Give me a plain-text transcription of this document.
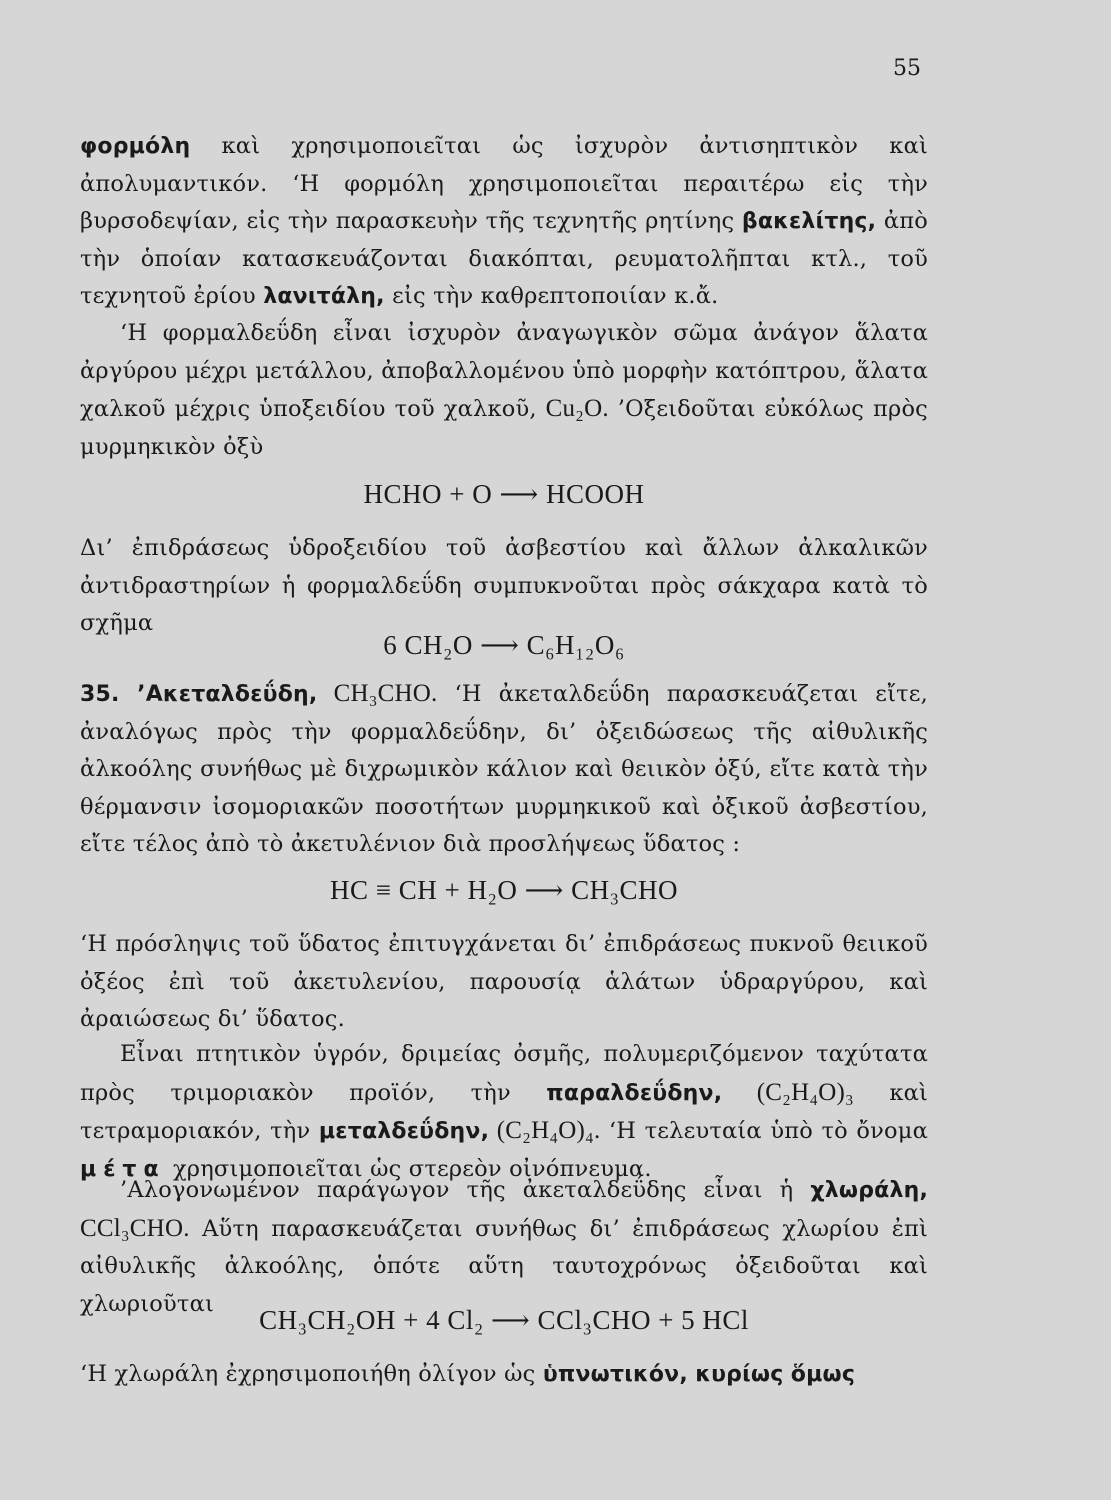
55
φορμόλη καὶ χρησιμοποιεῖται ὡς ἰσχυρὸν ἀντισηπτικὸν καὶ ἀπολυμαντικόν. ‘Η φορμόλη χρησιμοποιεῖται περαιτέρω εἰς τὴν βυρσοδεψίαν, εἰς τὴν παρασκευὴν τῆς τεχνητῆς ρητίνης βακελίτης, ἀπὸ τὴν ὁποίαν κατασκευάζονται διακόπται, ρευματολῆπται κτλ., τοῦ τεχνητοῦ ἐρίου λανιτάλη, εἰς τὴν καθρεπτοποιίαν κ.ἄ.
‘Η φορμαλδεΰδη εἶναι ἰσχυρὸν ἀναγωγικὸν σῶμα ἀνάγον ἅλατα ἀργύρου μέχρι μετάλλου, ἀποβαλλομένου ὑπὸ μορφὴν κατόπτρου, ἅλατα χαλκοῦ μέχρις ὑποξειδίου τοῦ χαλκοῦ, Cu₂O. ’Οξειδοῦται εὐκόλως πρὸς μυρμηκικὸν ὀξὺ
HCHO + O ⟶ HCOOH
Δι’ ἐπιδράσεως ὑδροξειδίου τοῦ ἀσβεστίου καὶ ἄλλων ἀλκαλικῶν ἀντιδραστηρίων ἡ φορμαλδεΰδη συμπυκνοῦται πρὸς σάκχαρα κατὰ τὸ σχῆμα
6 CH₂O ⟶ C₆H₁₂O₆
35. ’Ακεταλδεΰδη, CH₃CHO. ‘Η ἀκεταλδεΰδη παρασκευάζεται εἴτε, ἀναλόγως πρὸς τὴν φορμαλδεΰδην, δι’ ὀξειδώσεως τῆς αἰθυλικῆς ἀλκοόλης συνήθως μὲ διχρωμικὸν κάλιον καὶ θειικὸν ὀξύ, εἴτε κατὰ τὴν θέρμανσιν ἰσομοριακῶν ποσοτήτων μυρμηκικοῦ καὶ ὀξικοῦ ἀσβεστίου, εἴτε τέλος ἀπὸ τὸ ἀκετυλένιον διὰ προσλήψεως ὕδατος :
HC ≡ CH + H₂O ⟶ CH₃CHO
‘Η πρόσληψις τοῦ ὕδατος ἐπιτυγχάνεται δι’ ἐπιδράσεως πυκνοῦ θειικοῦ ὀξέος ἐπὶ τοῦ ἀκετυλενίου, παρουσίᾳ ἁλάτων ὑδραργύρου, καὶ ἀραιώσεως δι’ ὕδατος.
Εἶναι πτητικὸν ὑγρόν, δριμείας ὀσμῆς, πολυμεριζόμενον ταχύτατα πρὸς τριμοριακὸν προϊόν, τὴν παραλδεΰδην, (C₂H₄O)₃ καὶ τετραμοριακόν, τὴν μεταλδεΰδην, (C₂H₄O)₄. ‘Η τελευταία ὑπὸ τὸ ὄνομα μέτα χρησιμοποιεῖται ὡς στερεὸν οἰνόπνευμα.
’Αλογονωμένον παράγωγον τῆς ἀκεταλδεΰδης εἶναι ἡ χλωράλη, CCl₃CHO. Αὕτη παρασκευάζεται συνήθως δι’ ἐπιδράσεως χλωρίου ἐπὶ αἰθυλικῆς ἀλκοόλης, ὁπότε αὕτη ταυτοχρόνως ὀξειδοῦται καὶ χλωριοῦται
CH₃CH₂OH + 4 Cl₂ ⟶ CCl₃CHO + 5 HCl
‘Η χλωράλη ἐχρησιμοποιήθη ὀλίγον ὡς ὑπνωτικόν, κυρίως ὅμως
